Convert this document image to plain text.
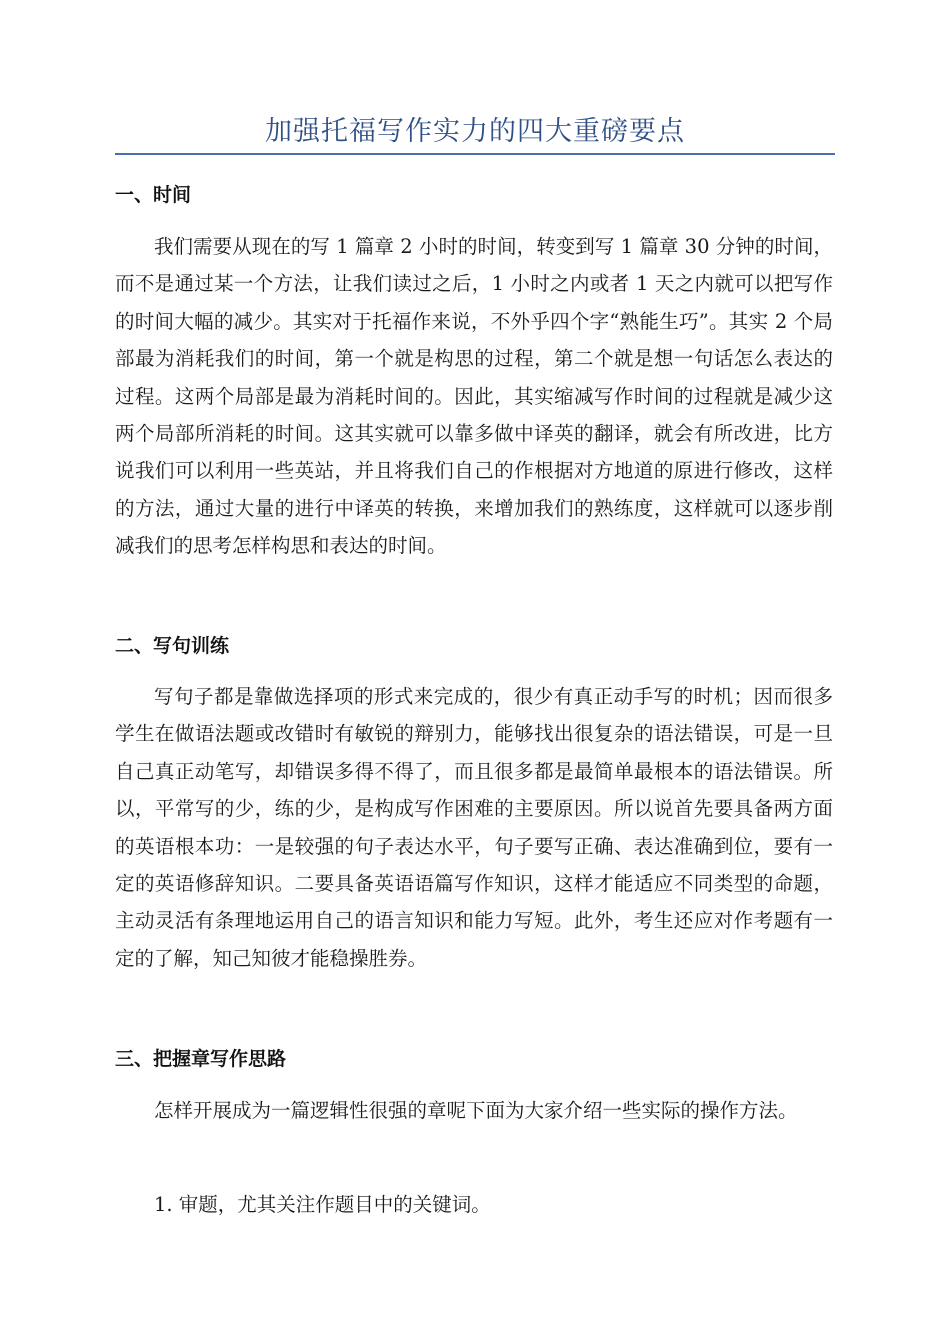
加强托福写作实力的四大重磅要点
一、时间

我们需要从现在的写 1 篇章 2 小时的时间，转变到写 1 篇章 30 分钟的时间，而不是通过某一个方法，让我们读过之后，1 小时之内或者 1 天之内就可以把写作的时间大幅的减少。其实对于托福作来说，不外乎四个字“熟能生巧”。其实 2 个局部最为消耗我们的时间，第一个就是构思的过程，第二个就是想一句话怎么表达的过程。这两个局部是最为消耗时间的。因此，其实缩减写作时间的过程就是减少这两个局部所消耗的时间。这其实就可以靠多做中译英的翻译，就会有所改进，比方说我们可以利用一些英站，并且将我们自己的作根据对方地道的原进行修改，这样的方法，通过大量的进行中译英的转换，来增加我们的熟练度，这样就可以逐步削减我们的思考怎样构思和表达的时间。

二、写句训练

写句子都是靠做选择项的形式来完成的，很少有真正动手写的时机；因而很多学生在做语法题或改错时有敏锐的辩别力，能够找出很复杂的语法错误，可是一旦自己真正动笔写，却错误多得不得了，而且很多都是最简单最根本的语法错误。所以，平常写的少，练的少，是构成写作困难的主要原因。所以说首先要具备两方面的英语根本功：一是较强的句子表达水平，句子要写正确、表达准确到位，要有一定的英语修辞知识。二要具备英语语篇写作知识，这样才能适应不同类型的命题，主动灵活有条理地运用自己的语言知识和能力写短。此外，考生还应对作考题有一定的了解，知己知彼才能稳操胜券。

三、把握章写作思路

怎样开展成为一篇逻辑性很强的章呢下面为大家介绍一些实际的操作方法。

1. 审题，尤其关注作题目中的关键词。
